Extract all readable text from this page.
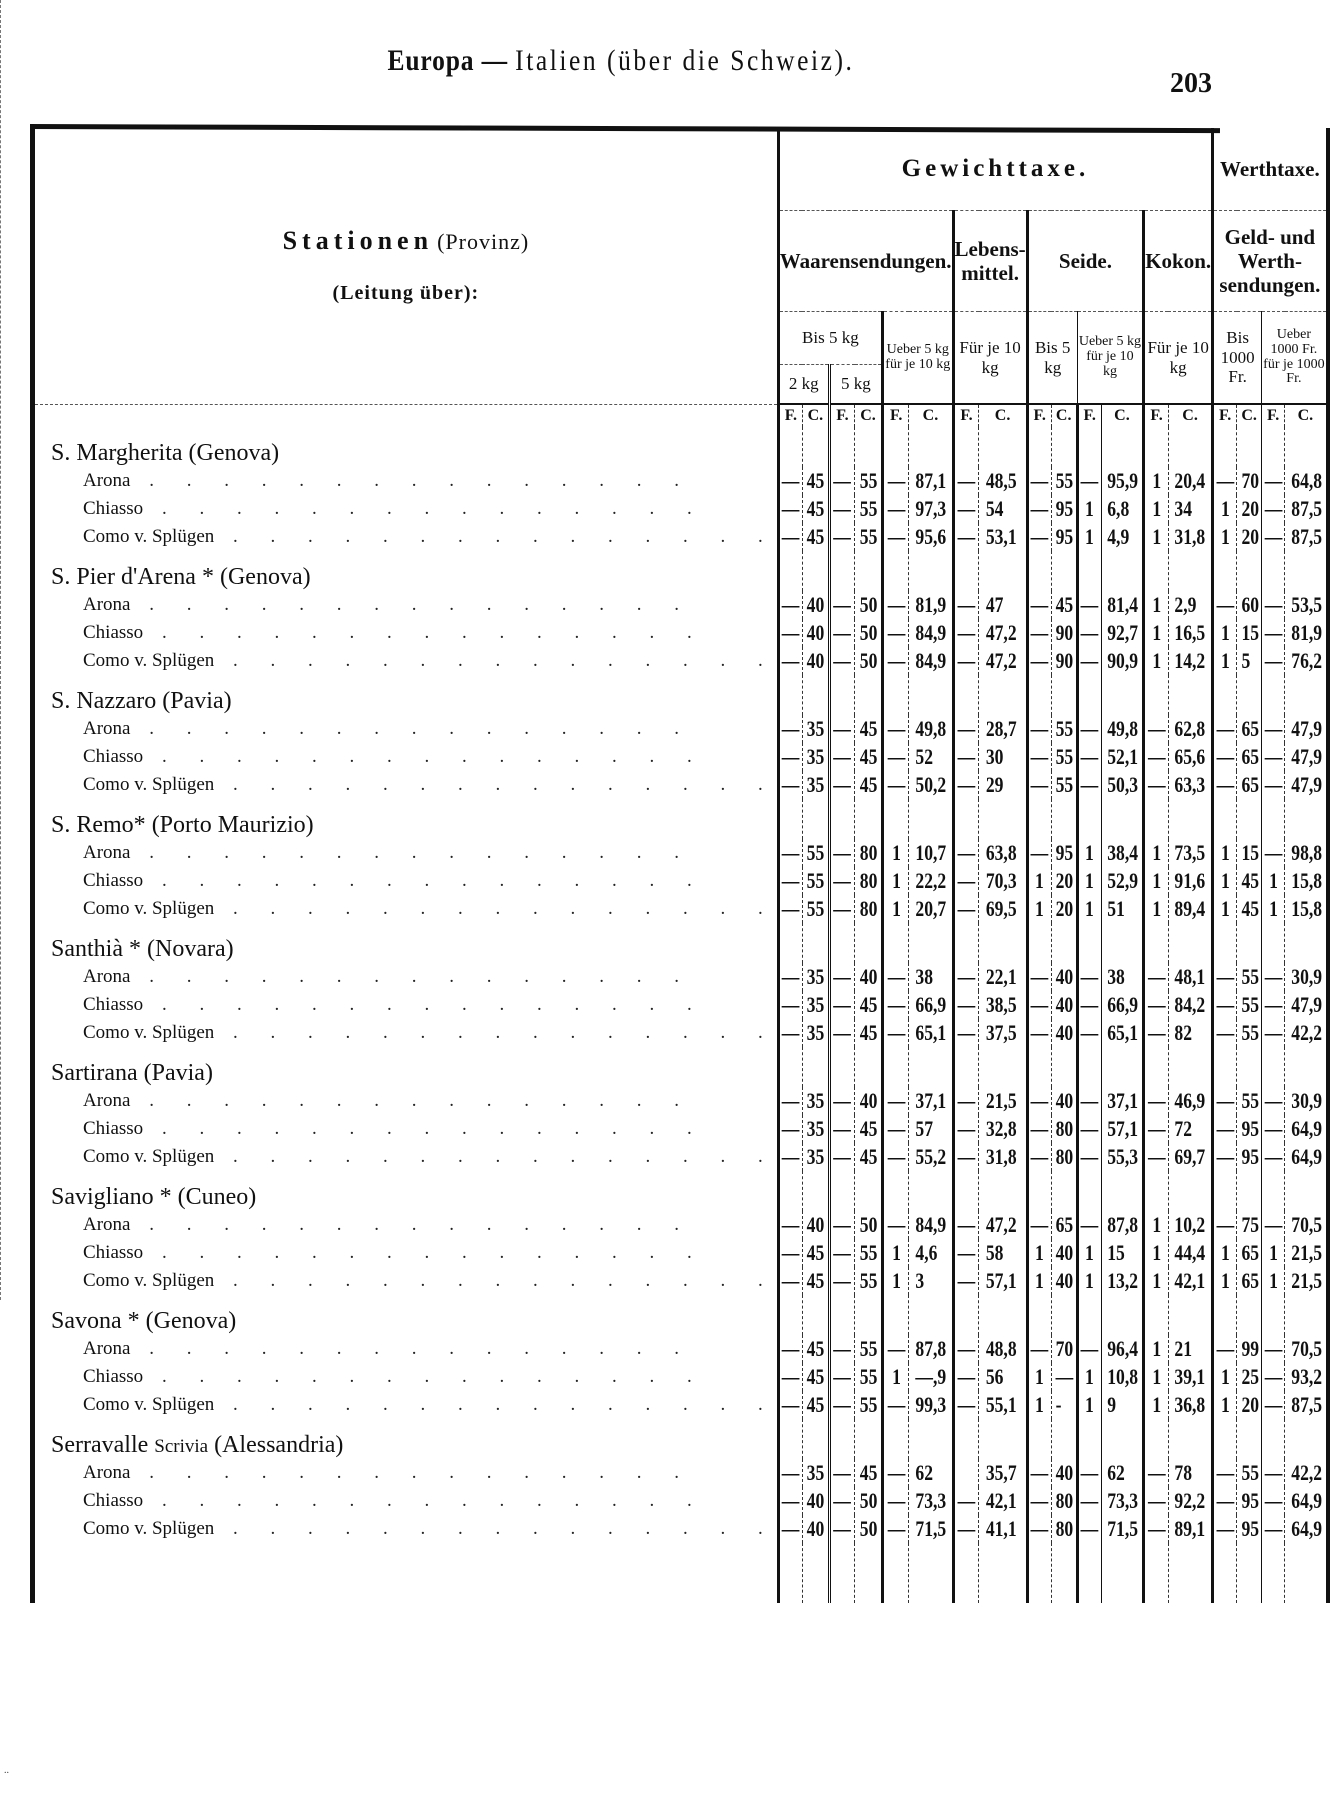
Europa — Italien (über die Schweiz).
203
Stationen (Provinz)
(Leitung über):	Gewichttaxe.														Werthtaxe.			
	Waarensendungen.						Lebens-mittel.		Seide.				Kokon.		Geld- und Werth-sendungen.			
	Bis 5 kg				Ueber 5 kg für je 10 kg		Für je 10 kg		Bis 5 kg		Ueber 5 kg für je 10 kg		Für je 10 kg		Bis 1000 Fr.		Ueber 1000 Fr. für je 1000 Fr.	
	2 kg		5 kg															
	F.	C.	F.	C.	F.	C.	F.	C.	F.	C.	F.	C.	F.	C.	F.	C.	F.	C.
S. Margherita (Genova)																		
Arona . . . . . . . . . . . . . . .	—	45	—	55	—	87,1	—	48,5	—	55	—	95,9	1	20,4	—	70	—	64,8
Chiasso . . . . . . . . . . . . . . .	—	45	—	55	—	97,3	—	54	—	95	1	6,8	1	34	1	20	—	87,5
Como v. Splügen . . . . . . . . . . . . . . .	—	45	—	55	—	95,6	—	53,1	—	95	1	4,9	1	31,8	1	20	—	87,5
S. Pier d'Arena * (Genova)																		
Arona . . . . . . . . . . . . . . .	—	40	—	50	—	81,9	—	47	—	45	—	81,4	1	2,9	—	60	—	53,5
Chiasso . . . . . . . . . . . . . . .	—	40	—	50	—	84,9	—	47,2	—	90	—	92,7	1	16,5	1	15	—	81,9
Como v. Splügen . . . . . . . . . . . . . . .	—	40	—	50	—	84,9	—	47,2	—	90	—	90,9	1	14,2	1	5	—	76,2
S. Nazzaro (Pavia)																		
Arona . . . . . . . . . . . . . . .	—	35	—	45	—	49,8	—	28,7	—	55	—	49,8	—	62,8	—	65	—	47,9
Chiasso . . . . . . . . . . . . . . .	—	35	—	45	—	52	—	30	—	55	—	52,1	—	65,6	—	65	—	47,9
Como v. Splügen . . . . . . . . . . . . . . .	—	35	—	45	—	50,2	—	29	—	55	—	50,3	—	63,3	—	65	—	47,9
S. Remo* (Porto Maurizio)																		
Arona . . . . . . . . . . . . . . .	—	55	—	80	1	10,7	—	63,8	—	95	1	38,4	1	73,5	1	15	—	98,8
Chiasso . . . . . . . . . . . . . . .	—	55	—	80	1	22,2	—	70,3	1	20	1	52,9	1	91,6	1	45	1	15,8
Como v. Splügen . . . . . . . . . . . . . . .	—	55	—	80	1	20,7	—	69,5	1	20	1	51	1	89,4	1	45	1	15,8
Santhià * (Novara)																		
Arona . . . . . . . . . . . . . . .	—	35	—	40	—	38	—	22,1	—	40	—	38	—	48,1	—	55	—	30,9
Chiasso . . . . . . . . . . . . . . .	—	35	—	45	—	66,9	—	38,5	—	40	—	66,9	—	84,2	—	55	—	47,9
Como v. Splügen . . . . . . . . . . . . . . .	—	35	—	45	—	65,1	—	37,5	—	40	—	65,1	—	82	—	55	—	42,2
Sartirana (Pavia)																		
Arona . . . . . . . . . . . . . . .	—	35	—	40	—	37,1	—	21,5	—	40	—	37,1	—	46,9	—	55	—	30,9
Chiasso . . . . . . . . . . . . . . .	—	35	—	45	—	57	—	32,8	—	80	—	57,1	—	72	—	95	—	64,9
Como v. Splügen . . . . . . . . . . . . . . .	—	35	—	45	—	55,2	—	31,8	—	80	—	55,3	—	69,7	—	95	—	64,9
Savigliano * (Cuneo)																		
Arona . . . . . . . . . . . . . . .	—	40	—	50	—	84,9	—	47,2	—	65	—	87,8	1	10,2	—	75	—	70,5
Chiasso . . . . . . . . . . . . . . .	—	45	—	55	1	4,6	—	58	1	40	1	15	1	44,4	1	65	1	21,5
Como v. Splügen . . . . . . . . . . . . . . .	—	45	—	55	1	3	—	57,1	1	40	1	13,2	1	42,1	1	65	1	21,5
Savona * (Genova)																		
Arona . . . . . . . . . . . . . . .	—	45	—	55	—	87,8	—	48,8	—	70	—	96,4	1	21	—	99	—	70,5
Chiasso . . . . . . . . . . . . . . .	—	45	—	55	1	—,9	—	56	1	—	1	10,8	1	39,1	1	25	—	93,2
Como v. Splügen . . . . . . . . . . . . . . .	—	45	—	55	—	99,3	—	55,1	1	-	1	9	1	36,8	1	20	—	87,5
Serravalle Scrivia (Alessandria)																		
Arona . . . . . . . . . . . . . . .	—	35	—	45	—	62		35,7	—	40	—	62	—	78	—	55	—	42,2
Chiasso . . . . . . . . . . . . . . .	—	40	—	50	—	73,3	—	42,1	—	80	—	73,3	—	92,2	—	95	—	64,9
Como v. Splügen . . . . . . . . . . . . . . .	—	40	—	50	—	71,5	—	41,1	—	80	—	71,5	—	89,1	—	95	—	64,9

..
